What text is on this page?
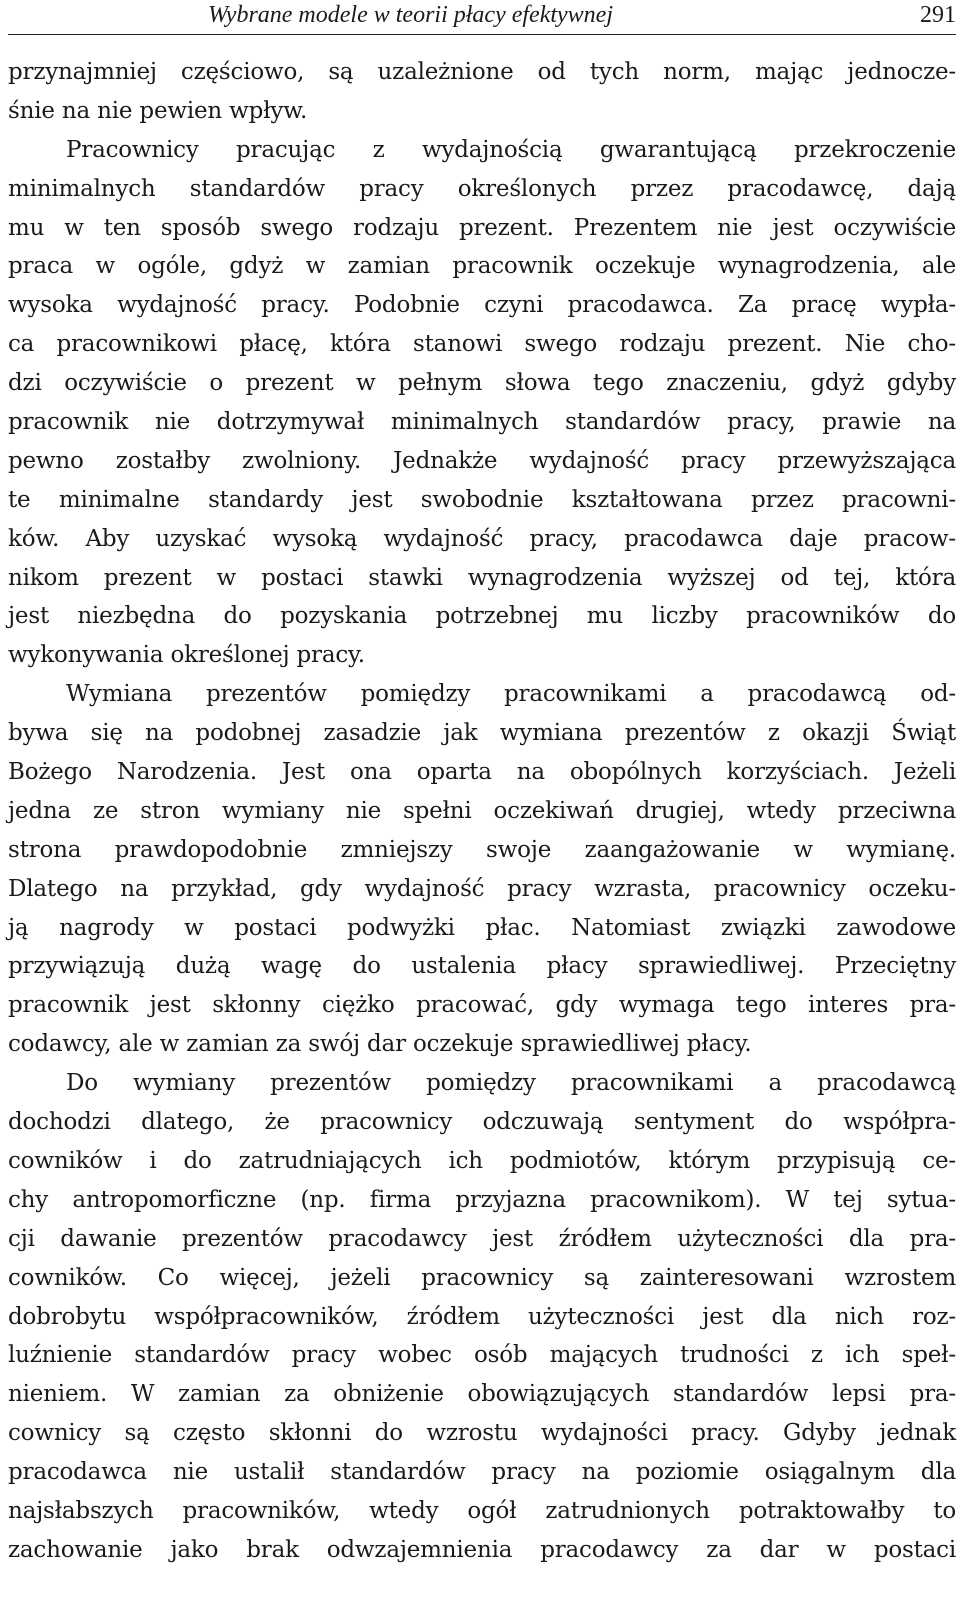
Wybrane modele w teorii płacy efektywnej	291
przynajmniej częściowo, są uzależnione od tych norm, mając jednocze-
śnie na nie pewien wpływ.
Pracownicy pracując z wydajnością gwarantującą przekroczenie
minimalnych standardów pracy określonych przez pracodawcę, dają
mu w ten sposób swego rodzaju prezent. Prezentem nie jest oczywiście
praca w ogóle, gdyż w zamian pracownik oczekuje wynagrodzenia, ale
wysoka wydajność pracy. Podobnie czyni pracodawca. Za pracę wypła-
ca pracownikowi płacę, która stanowi swego rodzaju prezent. Nie cho-
dzi oczywiście o prezent w pełnym słowa tego znaczeniu, gdyż gdyby
pracownik nie dotrzymywał minimalnych standardów pracy, prawie na
pewno zostałby zwolniony. Jednakże wydajność pracy przewyższająca
te minimalne standardy jest swobodnie kształtowana przez pracowni-
ków. Aby uzyskać wysoką wydajność pracy, pracodawca daje pracow-
nikom prezent w postaci stawki wynagrodzenia wyższej od tej, która
jest niezbędna do pozyskania potrzebnej mu liczby pracowników do
wykonywania określonej pracy.
Wymiana prezentów pomiędzy pracownikami a pracodawcą od-
bywa się na podobnej zasadzie jak wymiana prezentów z okazji Świąt
Bożego Narodzenia. Jest ona oparta na obopólnych korzyściach. Jeżeli
jedna ze stron wymiany nie spełni oczekiwań drugiej, wtedy przeciwna
strona prawdopodobnie zmniejszy swoje zaangażowanie w wymianę.
Dlatego na przykład, gdy wydajność pracy wzrasta, pracownicy oczeku-
ją nagrody w postaci podwyżki płac. Natomiast związki zawodowe
przywiązują dużą wagę do ustalenia płacy sprawiedliwej. Przeciętny
pracownik jest skłonny ciężko pracować, gdy wymaga tego interes pra-
codawcy, ale w zamian za swój dar oczekuje sprawiedliwej płacy.
Do wymiany prezentów pomiędzy pracownikami a pracodawcą
dochodzi dlatego, że pracownicy odczuwają sentyment do współpra-
cowników i do zatrudniających ich podmiotów, którym przypisują ce-
chy antropomorficzne (np. firma przyjazna pracownikom). W tej sytua-
cji dawanie prezentów pracodawcy jest źródłem użyteczności dla pra-
cowników. Co więcej, jeżeli pracownicy są zainteresowani wzrostem
dobrobytu współpracowników, źródłem użyteczności jest dla nich roz-
luźnienie standardów pracy wobec osób mających trudności z ich speł-
nieniem. W zamian za obniżenie obowiązujących standardów lepsi pra-
cownicy są często skłonni do wzrostu wydajności pracy. Gdyby jednak
pracodawca nie ustalił standardów pracy na poziomie osiągalnym dla
najsłabszych pracowników, wtedy ogół zatrudnionych potraktowałby to
zachowanie jako brak odwzajemnienia pracodawcy za dar w postaci
